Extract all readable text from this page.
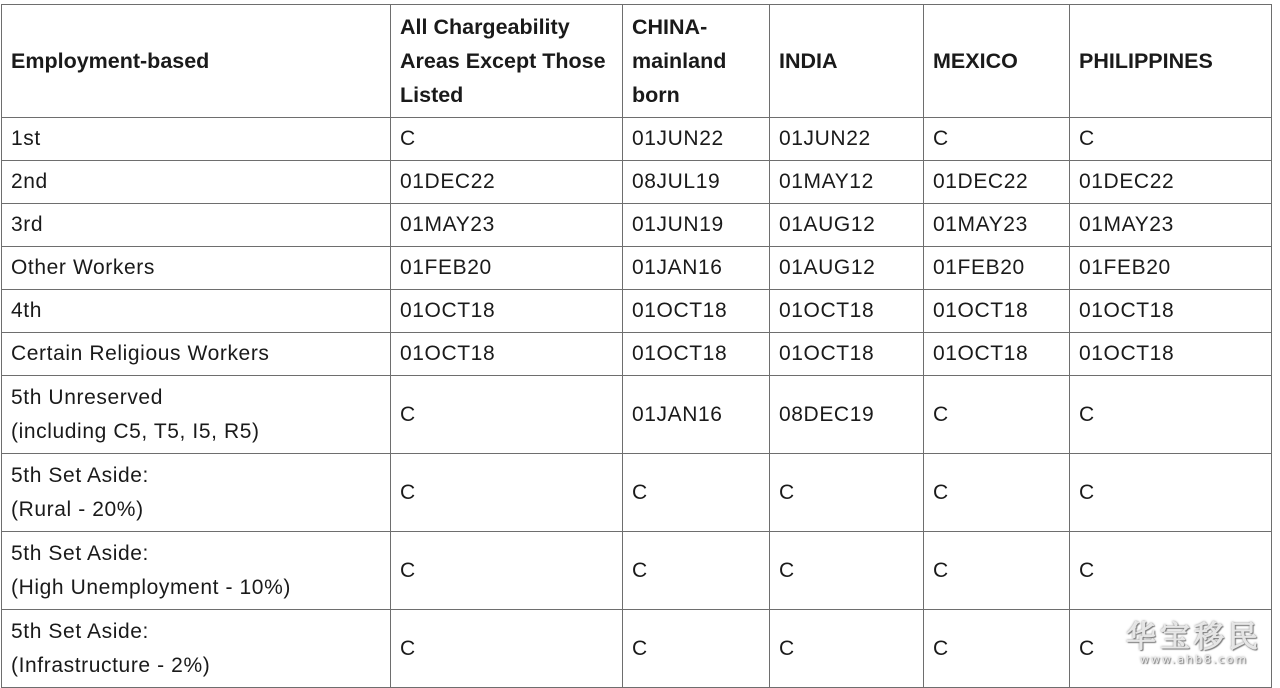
Employment-based	All Chargeability Areas Except Those Listed	CHINA-mainland born	INDIA	MEXICO	PHILIPPINES

1st	C	01JUN22	01JUN22	C	C

2nd	01DEC22	08JUL19	01MAY12	01DEC22	01DEC22

3rd	01MAY23	01JUN19	01AUG12	01MAY23	01MAY23

Other Workers	01FEB20	01JAN16	01AUG12	01FEB20	01FEB20

4th	01OCT18	01OCT18	01OCT18	01OCT18	01OCT18

Certain Religious Workers	01OCT18	01OCT18	01OCT18	01OCT18	01OCT18

5th Unreserved
(including C5, T5, I5, R5)	C	01JAN16	08DEC19	C	C

5th Set Aside:
(Rural - 20%)	C	C	C	C	C

5th Set Aside:
(High Unemployment - 10%)	C	C	C	C	C

5th Set Aside:
(Infrastructure - 2%)	C	C	C	C	C 华宝移民
www.ahb8.com
